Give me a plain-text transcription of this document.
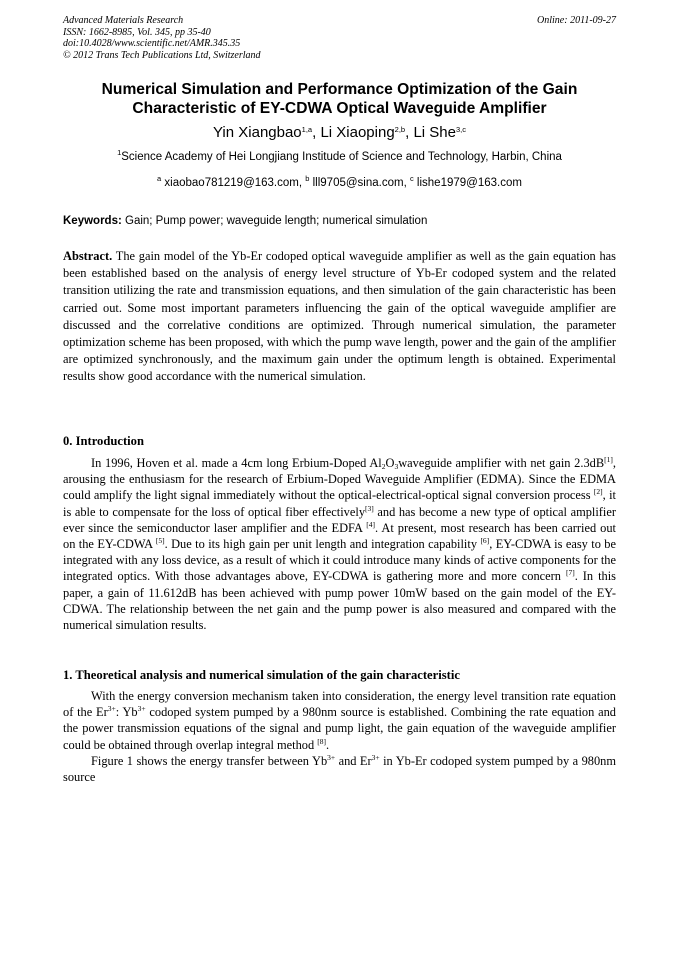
Advanced Materials Research
ISSN: 1662-8985, Vol. 345, pp 35-40
doi:10.4028/www.scientific.net/AMR.345.35
© 2012 Trans Tech Publications Ltd, Switzerland
Online: 2011-09-27
Numerical Simulation and Performance Optimization of the Gain
Characteristic of EY-CDWA Optical Waveguide Amplifier
Yin Xiangbao$^{1,a}$, Li Xiaoping$^{2,b}$, Li She$^{3,c}$
$^1$Science Academy of Hei Longjiang Institude of Science and Technology, Harbin, China
$^a$ xiaobao781219@163.com, $^b$ lll9705@sina.com, $^c$ lishe1979@163.com
Keywords: Gain; Pump power; waveguide length; numerical simulation
Abstract. The gain model of the Yb-Er codoped optical waveguide amplifier as well as the gain equation has been established based on the analysis of energy level structure of Yb-Er codoped system and the related transition utilizing the rate and transmission equations, and then simulation of the gain characteristic has been carried out. Some most important parameters influencing the gain of the optical waveguide amplifier are discussed and the correlative conditions are optimized. Through numerical simulation, the parameter optimization scheme has been proposed, with which the pump wave length, power and the gain of the amplifier are optimized synchronously, and the maximum gain under the optimum length is obtained. Experimental results show good accordance with the numerical simulation.
0. Introduction

In 1996, Hoven et al. made a 4cm long Erbium-Doped $Al_2O_3waveguide$ amplifier with net gain 2.3dB[1], arousing the enthusiasm for the research of Erbium-Doped Waveguide Amplifier (EDMA). Since the EDMA could amplify the light signal immediately without the optical-electrical-optical signal conversion process [2], it is able to compensate for the loss of optical fiber effectively[3] and has become a new type of optical amplifier ever since the semiconductor laser amplifier and the EDFA [4]. At present, most research has been carried out on the EY-CDWA [5]. Due to its high gain per unit length and integration capability [6], EY-CDWA is easy to be integrated with any loss device, as a result of which it could introduce many kinds of active components for the integrated optics. With those advantages above, EY-CDWA is gathering more and more concern [7]. In this paper, a gain of 11.612dB has been achieved with pump power 10mW based on the gain model of the EY-CDWA. The relationship between the net gain and the pump power is also measured and compared with the numerical simulation results.

1. Theoretical analysis and numerical simulation of the gain characteristic

With the energy conversion mechanism taken into consideration, the energy level transition rate equation of the $Er^{3+}$: $Yb^{3+}$ codoped system pumped by a 980nm source is established. Combining the rate equation and the power transmission equations of the signal and pump light, the gain equation of the waveguide amplifier could be obtained through overlap integral method [8].

Figure 1 shows the energy transfer between $Yb^{3+}$ and $Er^{3+}$ in Yb-Er codoped system pumped by a 980nm source
